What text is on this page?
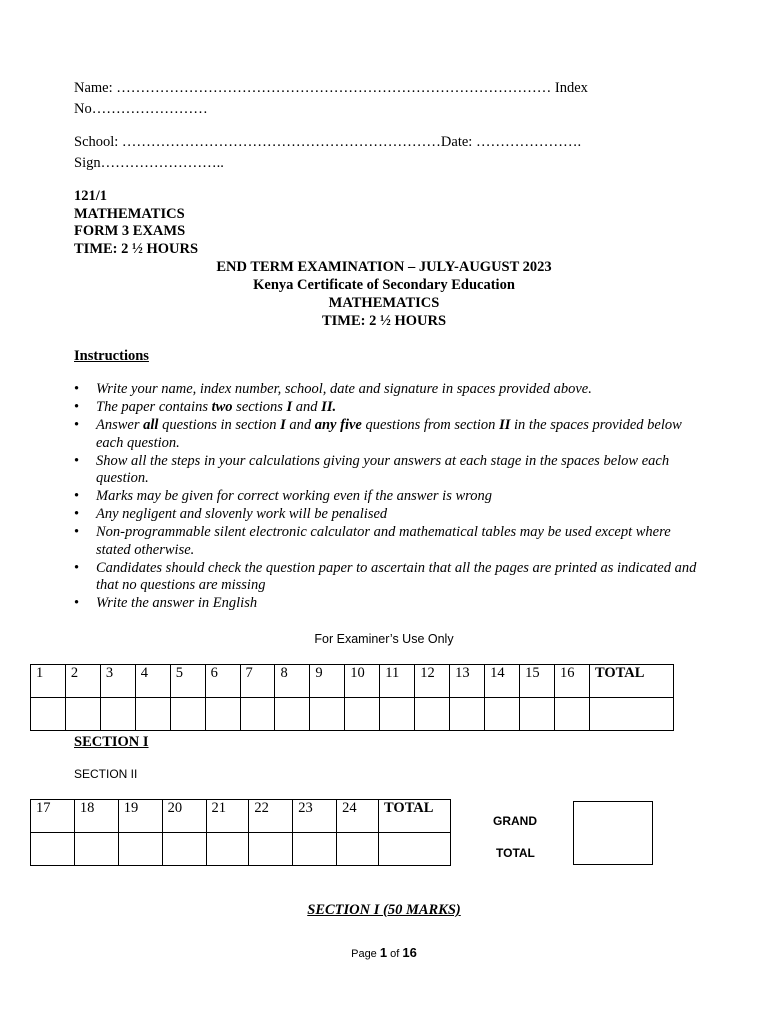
Name: ……………………………………………………………………………… Index
No……………………
School: …………………………………………………………Date: ………………….
Sign……………………..
121/1
MATHEMATICS
FORM 3 EXAMS
TIME: 2 ½ HOURS
END TERM EXAMINATION – JULY-AUGUST 2023
Kenya Certificate of Secondary Education
MATHEMATICS
TIME: 2 ½ HOURS
Instructions
• Write your name, index number, school, date and signature in spaces provided above.
• The paper contains two sections I and II.
• Answer all questions in section I and any five questions from section II in the spaces provided below each question.
• Show all the steps in your calculations giving your answers at each stage in the spaces below each question.
• Marks may be given for correct working even if the answer is wrong
• Any negligent and slovenly work will be penalised
• Non-programmable silent electronic calculator and mathematical tables may be used except where stated otherwise.
• Candidates should check the question paper to ascertain that all the pages are printed as indicated and that no questions are missing
• Write the answer in English
For Examiner’s Use Only
1	2	3	4	5	6	7	8	9	10	11	12	13	14	15	16	TOTAL

SECTION I
SECTION II
17	18	19	20	21	22	23	24	TOTAL

GRAND
TOTAL
SECTION I (50 MARKS)
Page 1 of 16
